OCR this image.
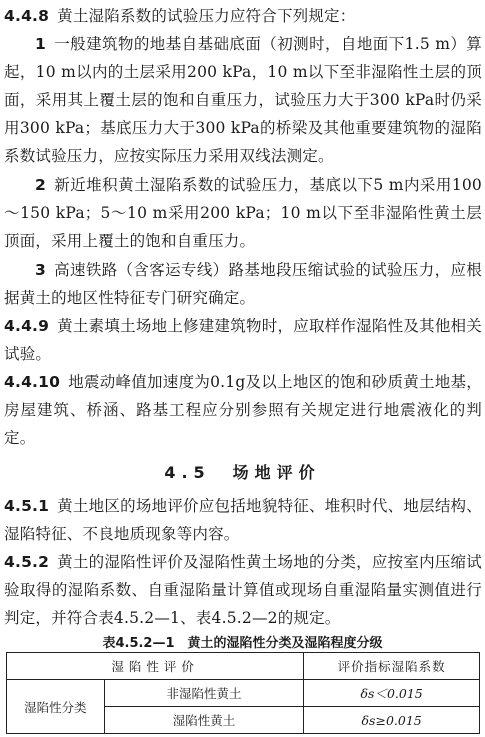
4.4.8 黄土湿陷系数的试验压力应符合下列规定：

1 一般建筑物的地基自基础底面（初测时，自地面下1.5 m）算起，10 m以内的土层采用200 kPa，10 m以下至非湿陷性土层的顶面，采用其上覆土层的饱和自重压力，试验压力大于300 kPa时仍采用300 kPa；基底压力大于300 kPa的桥梁及其他重要建筑物的湿陷系数试验压力，应按实际压力采用双线法测定。

2 新近堆积黄土湿陷系数的试验压力，基底以下5 m内采用100～150 kPa；5～10 m采用200 kPa；10 m以下至非湿陷性黄土层顶面，采用上覆土的饱和自重压力。

3 高速铁路（含客运专线）路基地段压缩试验的试验压力，应根据黄土的地区性特征专门研究确定。

4.4.9 黄土素填土场地上修建建筑物时，应取样作湿陷性及其他相关试验。

4.4.10 地震动峰值加速度为0.1g及以上地区的饱和砂质黄土地基，房屋建筑、桥涵、路基工程应分别参照有关规定进行地震液化的判定。

4.5　 场地评价

4.5.1 黄土地区的场地评价应包括地貌特征、堆积时代、地层结构、湿陷特征、不良地质现象等内容。

4.5.2 黄土的湿陷性评价及湿陷性黄土场地的分类，应按室内压缩试验取得的湿陷系数、自重湿陷量计算值或现场自重湿陷量实测值进行判定，并符合表4.5.2—1、表4.5.2—2的规定。

表4.5.2—1　黄土的湿陷性分类及湿陷程度分级
湿陷性评价		评价指标湿陷系数
湿陷性分类	非湿陷性黄土	δs＜0.015
	湿陷性黄土	δs≥0.015
